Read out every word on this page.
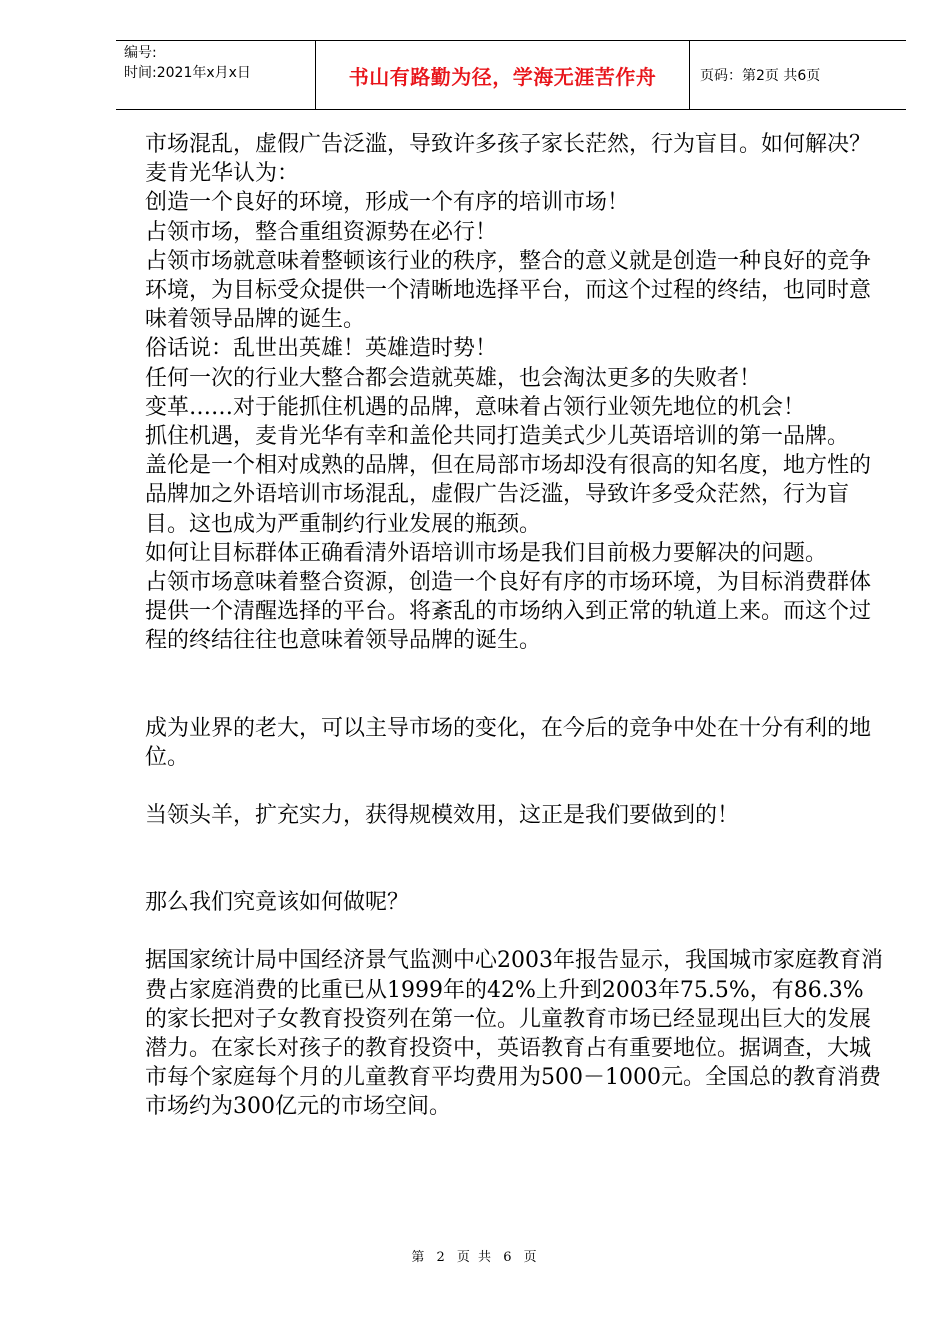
编号:
时间:2021年x月x日	书山有路勤为径，学海无涯苦作舟	页码：第2页 共6页

市场混乱，虚假广告泛滥，导致许多孩子家长茫然，行为盲目。如何解决？

麦肯光华认为：

创造一个良好的环境，形成一个有序的培训市场！

占领市场，整合重组资源势在必行！

占领市场就意味着整顿该行业的秩序，整合的意义就是创造一种良好的竞争环境，为目标受众提供一个清晰地选择平台，而这个过程的终结，也同时意味着领导品牌的诞生。

俗话说：乱世出英雄！英雄造时势！

任何一次的行业大整合都会造就英雄，也会淘汰更多的失败者！

变革……对于能抓住机遇的品牌，意味着占领行业领先地位的机会！

抓住机遇，麦肯光华有幸和盖伦共同打造美式少儿英语培训的第一品牌。

盖伦是一个相对成熟的品牌，但在局部市场却没有很高的知名度，地方性的品牌加之外语培训市场混乱，虚假广告泛滥，导致许多受众茫然，行为盲目。这也成为严重制约行业发展的瓶颈。

如何让目标群体正确看清外语培训市场是我们目前极力要解决的问题。

占领市场意味着整合资源，创造一个良好有序的市场环境，为目标消费群体提供一个清醒选择的平台。将紊乱的市场纳入到正常的轨道上来。而这个过程的终结往往也意味着领导品牌的诞生。

成为业界的老大，可以主导市场的变化，在今后的竞争中处在十分有利的地位。

当领头羊，扩充实力，获得规模效用，这正是我们要做到的！

那么我们究竟该如何做呢？

据国家统计局中国经济景气监测中心2003年报告显示，我国城市家庭教育消费占家庭消费的比重已从1999年的42%上升到2003年75.5%，有86.3%的家长把对子女教育投资列在第一位。儿童教育市场已经显现出巨大的发展潜力。在家长对孩子的教育投资中，英语教育占有重要地位。据调查，大城市每个家庭每个月的儿童教育平均费用为500－1000元。全国总的教育消费市场约为300亿元的市场空间。

第 2 页 共 6 页
